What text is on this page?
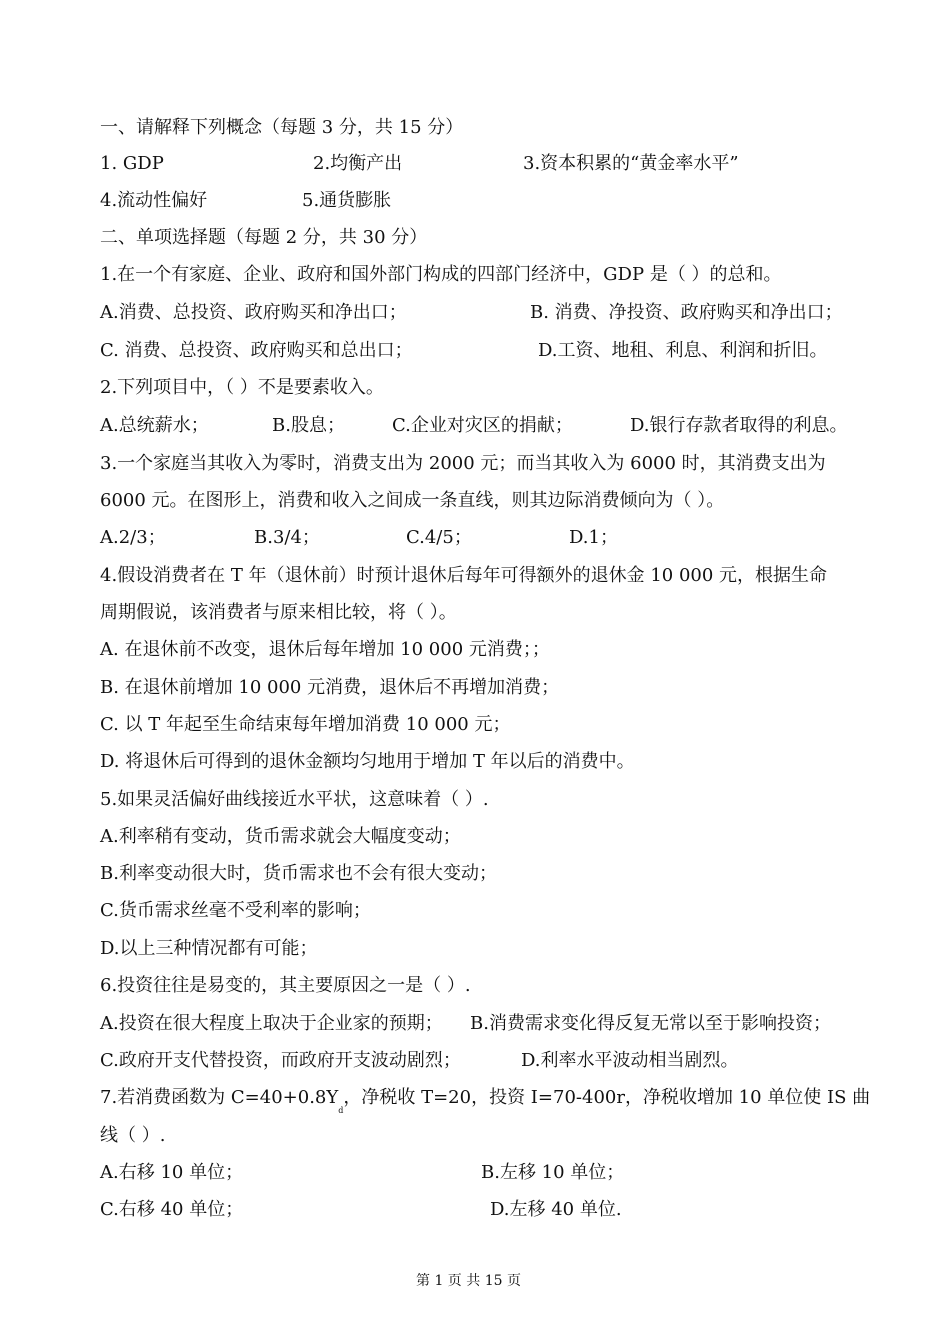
一、请解释下列概念（每题 3 分，共 15 分）
1. GDP	2.均衡产出	3.资本积累的“黄金率水平”
4.流动性偏好	5.通货膨胀
二、单项选择题（每题 2 分，共 30 分）
1.在一个有家庭、企业、政府和国外部门构成的四部门经济中，GDP 是（ ）的总和。
A.消费、总投资、政府购买和净出口；	B. 消费、净投资、政府购买和净出口；
C. 消费、总投资、政府购买和总出口；	D.工资、地租、利息、利润和折旧。
2.下列项目中，（ ）不是要素收入。
A.总统薪水；	B.股息；	C.企业对灾区的捐献；	D.银行存款者取得的利息。
3.一个家庭当其收入为零时，消费支出为 2000 元；而当其收入为 6000 时，其消费支出为
6000 元。在图形上，消费和收入之间成一条直线，则其边际消费倾向为（ ）。
A.2/3；	B.3/4；	C.4/5；	D.1；
4.假设消费者在 T 年（退休前）时预计退休后每年可得额外的退休金 10 000 元，根据生命
周期假说，该消费者与原来相比较，将（ ）。
A. 在退休前不改变，退休后每年增加 10 000 元消费；；
B. 在退休前增加 10 000 元消费，退休后不再增加消费；
C. 以 T 年起至生命结束每年增加消费 10 000 元；
D. 将退休后可得到的退休金额均匀地用于增加 T 年以后的消费中。
5.如果灵活偏好曲线接近水平状，这意味着（ ）.
A.利率稍有变动，货币需求就会大幅度变动；
B.利率变动很大时，货币需求也不会有很大变动；
C.货币需求丝毫不受利率的影响；
D.以上三种情况都有可能；
6.投资往往是易变的，其主要原因之一是（ ）.
A.投资在很大程度上取决于企业家的预期； B.消费需求变化得反复无常以至于影响投资；
C.政府开支代替投资，而政府开支波动剧烈；	D.利率水平波动相当剧烈。
7.若消费函数为 $C=40+0.8Y_d$，净税收 T=20，投资 I=70-400r，净税收增加 10 单位使 IS 曲
线（ ）.
A.右移 10 单位；	B.左移 10 单位；
C.右移 40 单位；	D.左移 40 单位.
第 1 页 共 15 页
